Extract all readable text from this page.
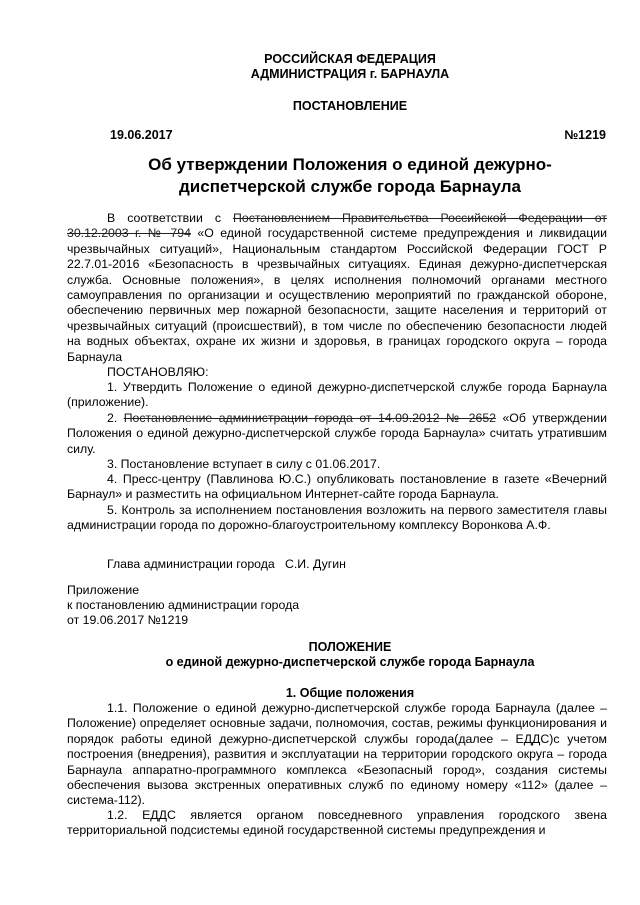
РОССИЙСКАЯ ФЕДЕРАЦИЯ
АДМИНИСТРАЦИЯ г. БАРНАУЛА
ПОСТАНОВЛЕНИЕ
19.06.2017	№1219
Об утверждении Положения о единой дежурно-
диспетчерской службе города Барнаула
В соответствии с Постановлением Правительства Российской Федерации от 30.12.2003 г. № 794 «О единой государственной системе предупреждения и ликвидации чрезвычайных ситуаций», Национальным стандартом Российской Федерации ГОСТ Р 22.7.01-2016 «Безопасность в чрезвычайных ситуациях. Единая дежурно-диспетчерская служба. Основные положения», в целях исполнения полномочий органами местного самоуправления по организации и осуществлению мероприятий по гражданской обороне, обеспечению первичных мер пожарной безопасности, защите населения и территорий от чрезвычайных ситуаций (происшествий), в том числе по обеспечению безопасности людей на водных объектах, охране их жизни и здоровья, в границах городского округа – города Барнаула
ПОСТАНОВЛЯЮ:
1. Утвердить Положение о единой дежурно-диспетчерской службе города Барнаула (приложение).
2. Постановление администрации города от 14.09.2012 № 2652 «Об утверждении Положения о единой дежурно-диспетчерской службе города Барнаула» считать утратившим силу.
3. Постановление вступает в силу с 01.06.2017.
4. Пресс-центру (Павлинова Ю.С.) опубликовать постановление в газете «Вечерний Барнаул» и разместить на официальном Интернет-сайте города Барнаула.
5. Контроль за исполнением постановления возложить на первого заместителя главы администрации города по дорожно-благоустроительному комплексу Воронкова А.Ф.
Глава администрации города   С.И. Дугин
Приложение
к постановлению администрации города
от 19.06.2017 №1219
ПОЛОЖЕНИЕ
о единой дежурно-диспетчерской службе города Барнаула
1. Общие положения
1.1. Положение о единой дежурно-диспетчерской службе города Барнаула (далее – Положение) определяет основные задачи, полномочия, состав, режимы функционирования и порядок работы единой дежурно-диспетчерской службы города(далее – ЕДДС)с учетом построения (внедрения), развития и эксплуатации на территории городского округа – города Барнаула аппаратно-программного комплекса «Безопасный город», создания системы обеспечения вызова экстренных оперативных служб по единому номеру «112» (далее – система-112).
1.2. ЕДДС является органом повседневного управления городского звена территориальной подсистемы единой государственной системы предупреждения и
